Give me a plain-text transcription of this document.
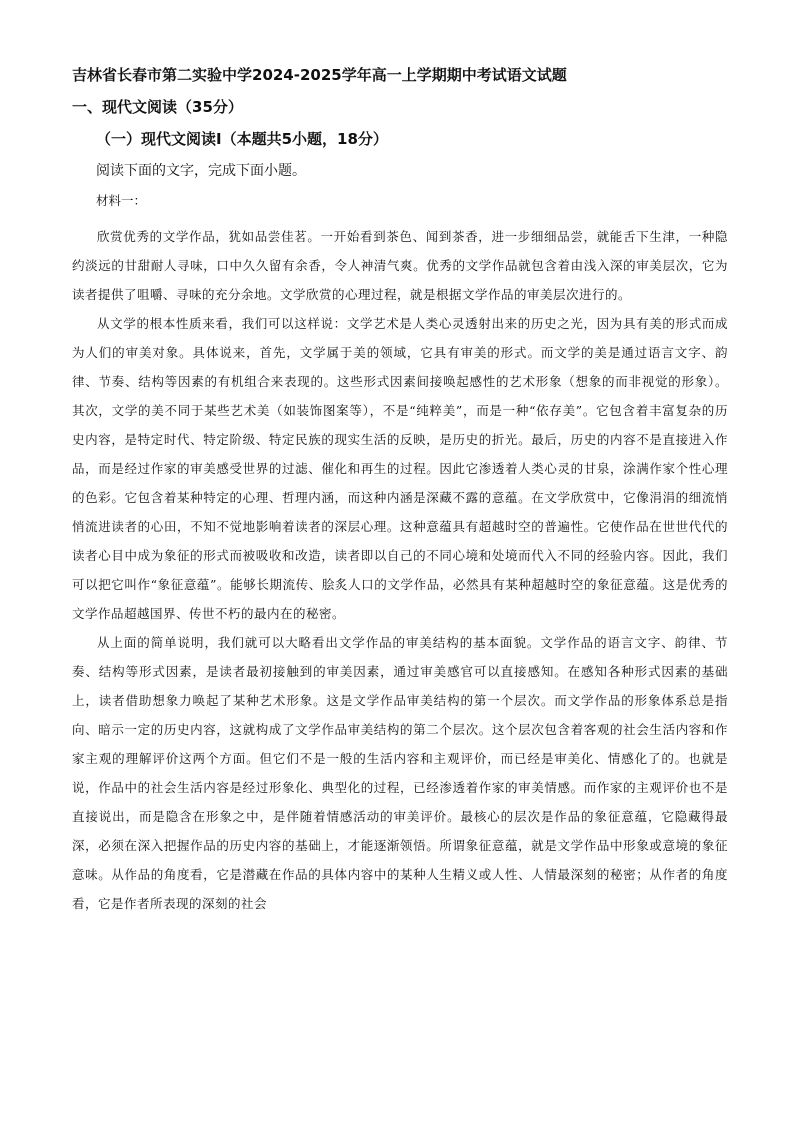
吉林省长春市第二实验中学2024-2025学年高一上学期期中考试语文试题
一、现代文阅读（35分）
（一）现代文阅读Ⅰ（本题共5小题，18分）
阅读下面的文字，完成下面小题。
材料一：

欣赏优秀的文学作品，犹如品尝佳茗。一开始看到茶色、闻到茶香，进一步细细品尝，就能舌下生津，一种隐约淡远的甘甜耐人寻味，口中久久留有余香，令人神清气爽。优秀的文学作品就包含着由浅入深的审美层次，它为读者提供了咀嚼、寻味的充分余地。文学欣赏的心理过程，就是根据文学作品的审美层次进行的。

从文学的根本性质来看，我们可以这样说：文学艺术是人类心灵透射出来的历史之光，因为具有美的形式而成为人们的审美对象。具体说来，首先，文学属于美的领域，它具有审美的形式。而文学的美是通过语言文字、韵律、节奏、结构等因素的有机组合来表现的。这些形式因素间接唤起感性的艺术形象（想象的而非视觉的形象）。其次，文学的美不同于某些艺术美（如装饰图案等），不是“纯粹美”，而是一种“依存美”。它包含着丰富复杂的历史内容，是特定时代、特定阶级、特定民族的现实生活的反映，是历史的折光。最后，历史的内容不是直接进入作品，而是经过作家的审美感受世界的过滤、催化和再生的过程。因此它渗透着人类心灵的甘泉，涂满作家个性心理的色彩。它包含着某种特定的心理、哲理内涵，而这种内涵是深藏不露的意蕴。在文学欣赏中，它像涓涓的细流悄悄流进读者的心田，不知不觉地影响着读者的深层心理。这种意蕴具有超越时空的普遍性。它使作品在世世代代的读者心目中成为象征的形式而被吸收和改造，读者即以自己的不同心境和处境而代入不同的经验内容。因此，我们可以把它叫作“象征意蕴”。能够长期流传、脍炙人口的文学作品，必然具有某种超越时空的象征意蕴。这是优秀的文学作品超越国界、传世不朽的最内在的秘密。

从上面的简单说明，我们就可以大略看出文学作品的审美结构的基本面貌。文学作品的语言文字、韵律、节奏、结构等形式因素，是读者最初接触到的审美因素，通过审美感官可以直接感知。在感知各种形式因素的基础上，读者借助想象力唤起了某种艺术形象。这是文学作品审美结构的第一个层次。而文学作品的形象体系总是指向、暗示一定的历史内容，这就构成了文学作品审美结构的第二个层次。这个层次包含着客观的社会生活内容和作家主观的理解评价这两个方面。但它们不是一般的生活内容和主观评价，而已经是审美化、情感化了的。也就是说，作品中的社会生活内容是经过形象化、典型化的过程，已经渗透着作家的审美情感。而作家的主观评价也不是直接说出，而是隐含在形象之中，是伴随着情感活动的审美评价。最核心的层次是作品的象征意蕴，它隐藏得最深，必须在深入把握作品的历史内容的基础上，才能逐渐领悟。所谓象征意蕴，就是文学作品中形象或意境的象征意味。从作品的角度看，它是潜藏在作品的具体内容中的某种人生精义或人性、人情最深刻的秘密；从作者的角度看，它是作者所表现的深刻的社会
